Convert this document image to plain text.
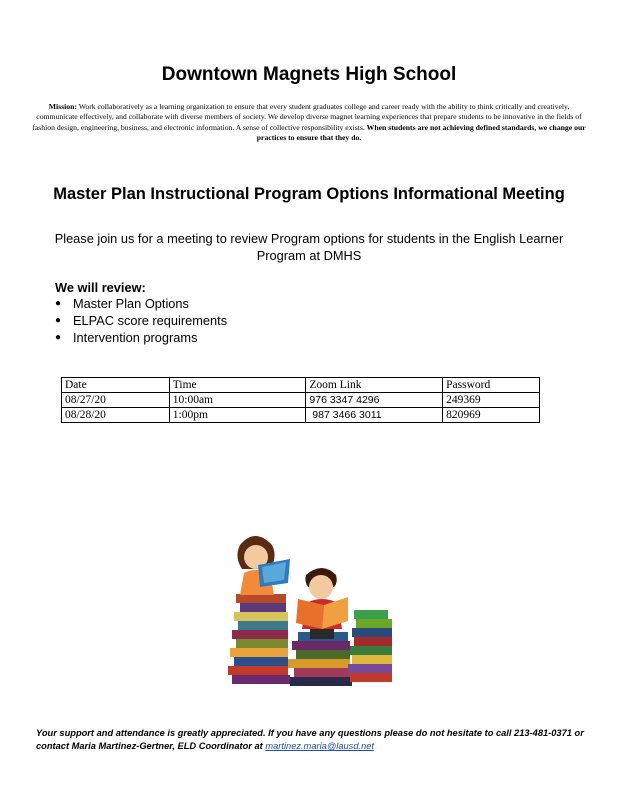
Downtown Magnets High School
Mission: Work collaboratively as a learning organization to ensure that every student graduates college and career ready with the ability to think critically and creatively, communicate effectively, and collaborate with diverse members of society. We develop diverse magnet learning experiences that prepare students to be innovative in the fields of fashion design, engineering, business, and electronic information. A sense of collective responsibility exists. When students are not achieving defined standards, we change our practices to ensure that they do.
Master Plan Instructional Program Options Informational Meeting
Please join us for a meeting to review Program options for students in the English Learner Program at DMHS
We will review:
● Master Plan Options
● ELPAC score requirements
● Intervention programs
Date	Time	Zoom Link	Password
08/27/20	10:00am	976 3347 4296	249369
08/28/20	1:00pm	987 3466 3011	820969
Your support and attendance is greatly appreciated. If you have any questions please do not hesitate to call 213-481-0371 or contact Maria Martinez-Gertner, ELD Coordinator at martinez.maria@lausd.net
